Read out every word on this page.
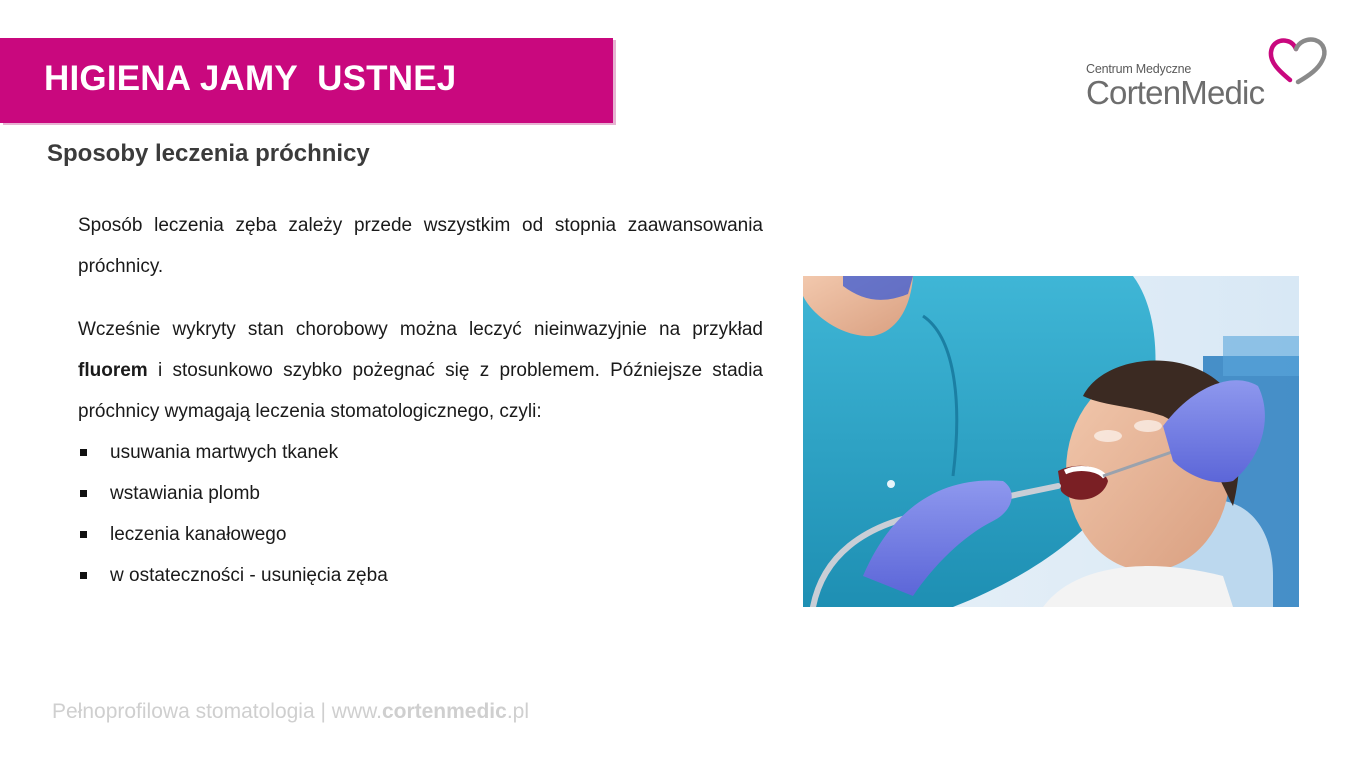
HIGIENA JAMY  USTNEJ	Centrum Medyczne
CortenMedic
Sposoby leczenia próchnicy

Sposób leczenia zęba zależy przede wszystkim od stopnia zaawansowania próchnicy.

Wcześnie wykryty stan chorobowy można leczyć nieinwazyjnie na przykład fluorem i stosunkowo szybko pożegnać się z problemem. Późniejsze stadia próchnicy wymagają leczenia stomatologicznego, czyli:

usuwania martwych tkanek
wstawiania plomb
leczenia kanałowego
w ostateczności - usunięcia zęba
Pełnoprofilowa stomatologia | www.cortenmedic.pl
